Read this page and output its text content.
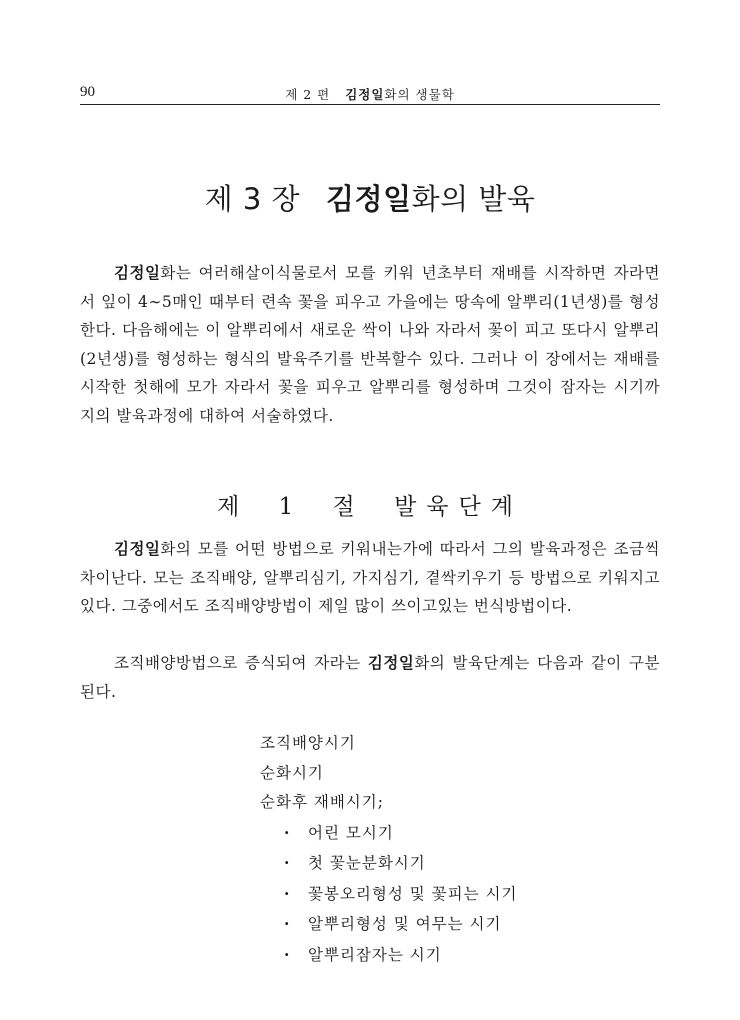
90	제 2 편 김정일화의 생물학
제 3 장 김정일화의 발육

김정일화는 여러해살이식물로서 모를 키워 년초부터 재배를 시작하면 자라면서 잎이 4∼5매인 때부터 련속 꽃을 피우고 가을에는 땅속에 알뿌리(1년생)를 형성한다. 다음해에는 이 알뿌리에서 새로운 싹이 나와 자라서 꽃이 피고 또다시 알뿌리(2년생)를 형성하는 형식의 발육주기를 반복할수 있다. 그러나 이 장에서는 재배를 시작한 첫해에 모가 자라서 꽃을 피우고 알뿌리를 형성하며 그것이 잠자는 시기까지의 발육과정에 대하여 서술하였다.

제 1 절 발육단계

김정일화의 모를 어떤 방법으로 키워내는가에 따라서 그의 발육과정은 조금씩 차이난다. 모는 조직배양, 알뿌리심기, 가지심기, 곁싹키우기 등 방법으로 키워지고있다. 그중에서도 조직배양방법이 제일 많이 쓰이고있는 번식방법이다.

조직배양방법으로 증식되여 자라는 김정일화의 발육단계는 다음과 같이 구분된다.

조직배양시기
순화시기
순화후 재배시기;
· 어린 모시기
· 첫 꽃눈분화시기
· 꽃봉오리형성 및 꽃피는 시기
· 알뿌리형성 및 여무는 시기
· 알뿌리잠자는 시기
